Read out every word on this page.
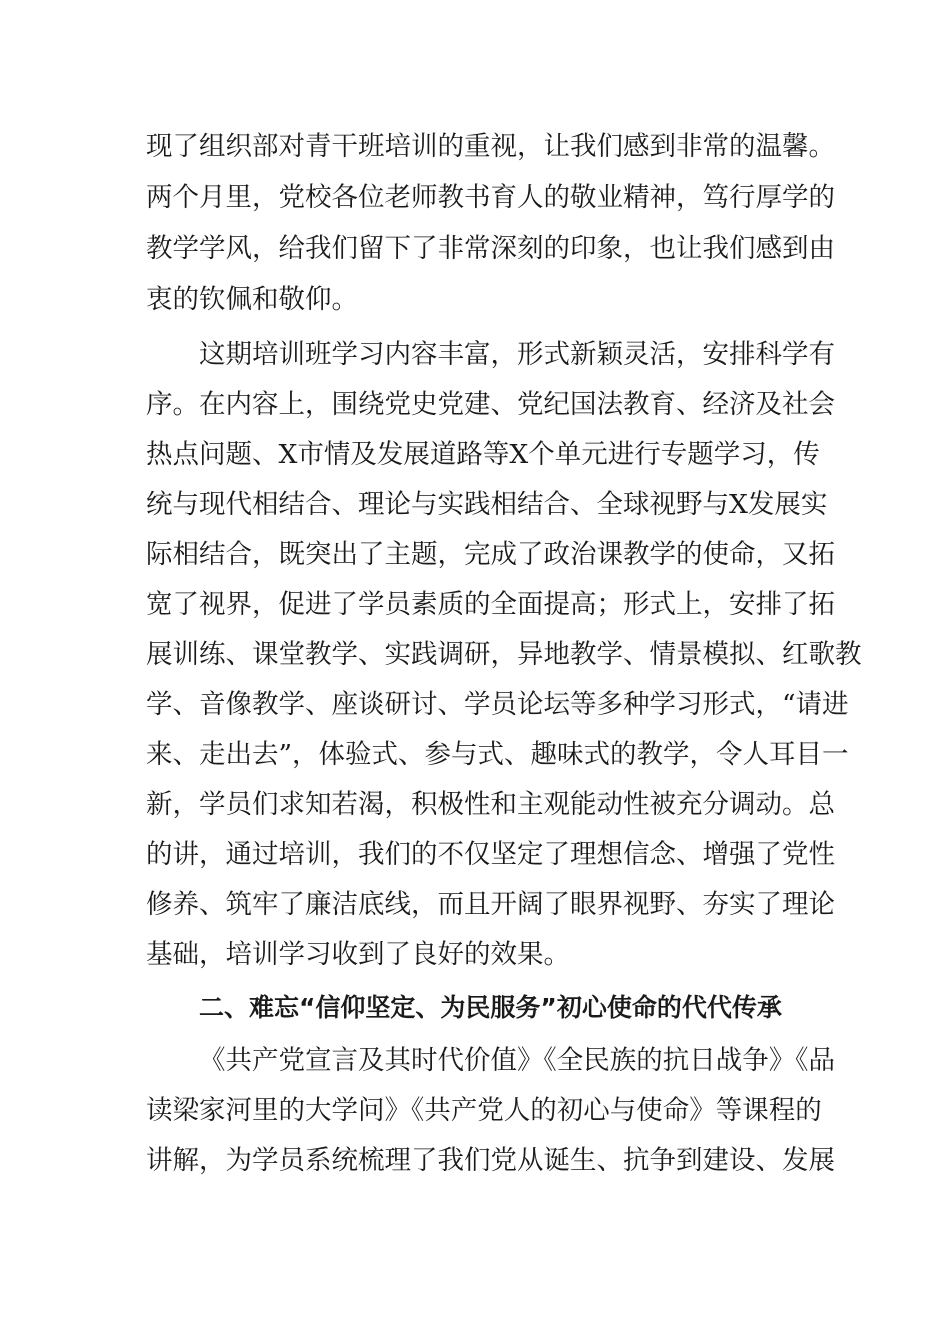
现了组织部对青干班培训的重视，让我们感到非常的温馨。
两个月里，党校各位老师教书育人的敬业精神，笃行厚学的
教学学风，给我们留下了非常深刻的印象，也让我们感到由
衷的钦佩和敬仰。
这期培训班学习内容丰富，形式新颖灵活，安排科学有
序。在内容上，围绕党史党建、党纪国法教育、经济及社会
热点问题、X市情及发展道路等X个单元进行专题学习，传
统与现代相结合、理论与实践相结合、全球视野与X发展实
际相结合，既突出了主题，完成了政治课教学的使命，又拓
宽了视界，促进了学员素质的全面提高；形式上，安排了拓
展训练、课堂教学、实践调研，异地教学、情景模拟、红歌教
学、音像教学、座谈研讨、学员论坛等多种学习形式，“请进
来、走出去”，体验式、参与式、趣味式的教学，令人耳目一
新，学员们求知若渴，积极性和主观能动性被充分调动。总
的讲，通过培训，我们的不仅坚定了理想信念、增强了党性
修养、筑牢了廉洁底线，而且开阔了眼界视野、夯实了理论
基础，培训学习收到了良好的效果。
二、难忘“信仰坚定、为民服务”初心使命的代代传承
《共产党宣言及其时代价值》《全民族的抗日战争》《品
读梁家河里的大学问》《共产党人的初心与使命》等课程的
讲解，为学员系统梳理了我们党从诞生、抗争到建设、发展
